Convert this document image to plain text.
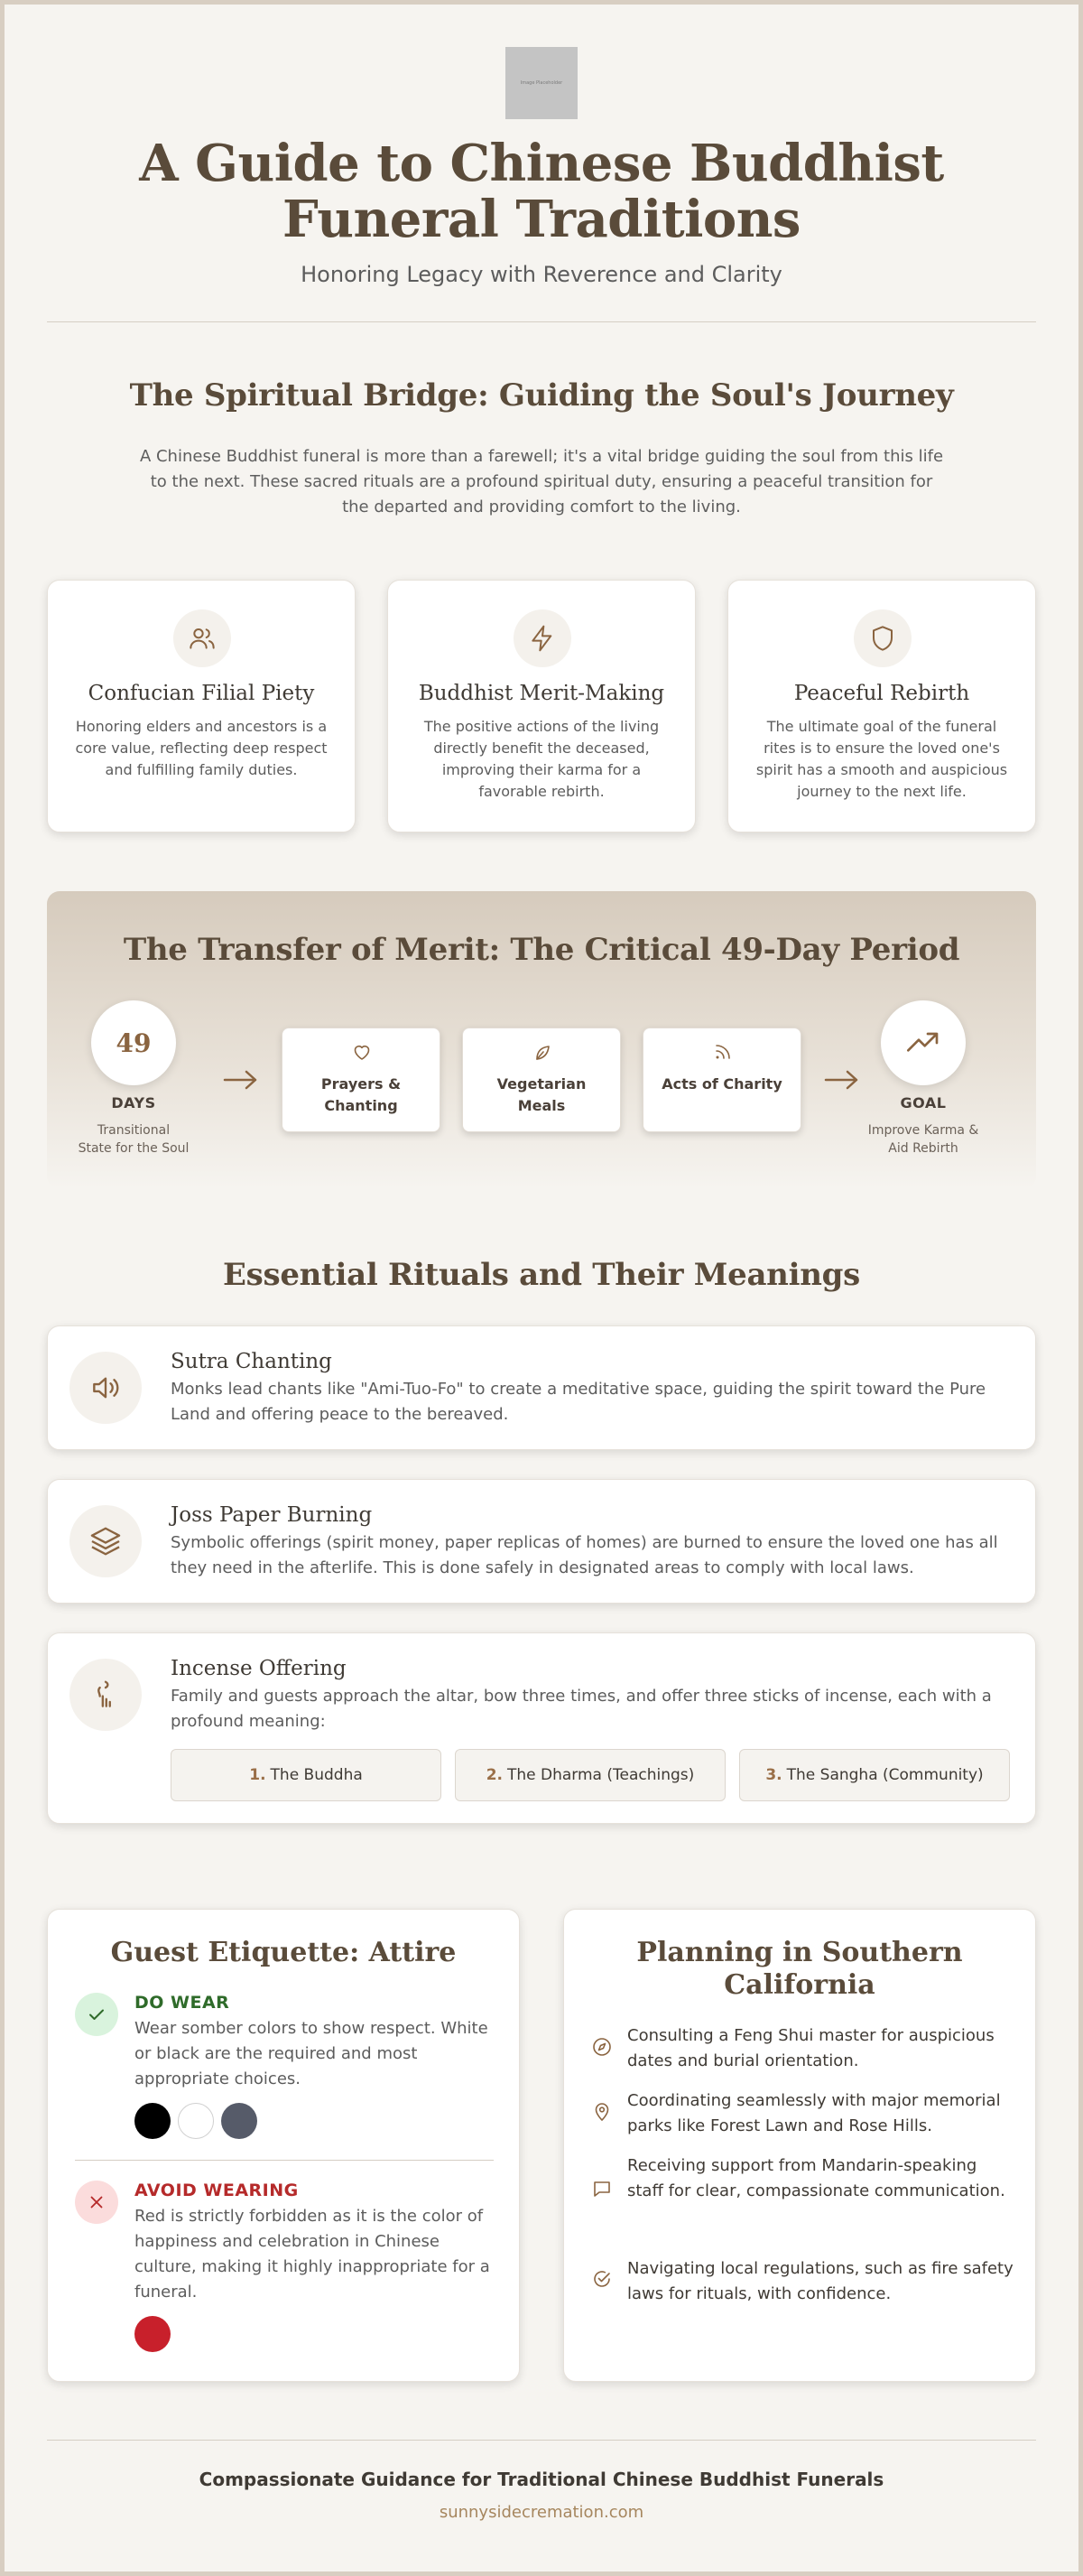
Image Placeholder
A Guide to Chinese Buddhist
Funeral Traditions
Honoring Legacy with Reverence and Clarity
The Spiritual Bridge: Guiding the Soul's Journey
A Chinese Buddhist funeral is more than a farewell; it's a vital bridge guiding the soul from this life to the next. These sacred rituals are a profound spiritual duty, ensuring a peaceful transition for the departed and providing comfort to the living.
Confucian Filial Piety
Honoring elders and ancestors is a core value, reflecting deep respect and fulfilling family duties.
Buddhist Merit-Making
The positive actions of the living directly benefit the deceased, improving their karma for a favorable rebirth.
Peaceful Rebirth
The ultimate goal of the funeral rites is to ensure the loved one's spirit has a smooth and auspicious journey to the next life.
The Transfer of Merit: The Critical 49-Day Period
49
DAYS
Transitional
State for the Soul
Prayers &
Chanting
Vegetarian
Meals
Acts of Charity
GOAL
Improve Karma &
Aid Rebirth
Essential Rituals and Their Meanings
Sutra Chanting
Monks lead chants like "Ami-Tuo-Fo" to create a meditative space, guiding the spirit toward the Pure Land and offering peace to the bereaved.
Joss Paper Burning
Symbolic offerings (spirit money, paper replicas of homes) are burned to ensure the loved one has all they need in the afterlife. This is done safely in designated areas to comply with local laws.
Incense Offering
Family and guests approach the altar, bow three times, and offer three sticks of incense, each with a profound meaning:
1. The Buddha	2. The Dharma (Teachings)	3. The Sangha (Community)
Guest Etiquette: Attire
DO WEAR
Wear somber colors to show respect. White or black are the required and most appropriate choices.
AVOID WEARING
Red is strictly forbidden as it is the color of happiness and celebration in Chinese culture, making it highly inappropriate for a funeral.
Planning in Southern
California
Consulting a Feng Shui master for auspicious dates and burial orientation.
Coordinating seamlessly with major memorial parks like Forest Lawn and Rose Hills.
Receiving support from Mandarin-speaking staff for clear, compassionate communication.
Navigating local regulations, such as fire safety laws for rituals, with confidence.
Compassionate Guidance for Traditional Chinese Buddhist Funerals
sunnysidecremation.com
